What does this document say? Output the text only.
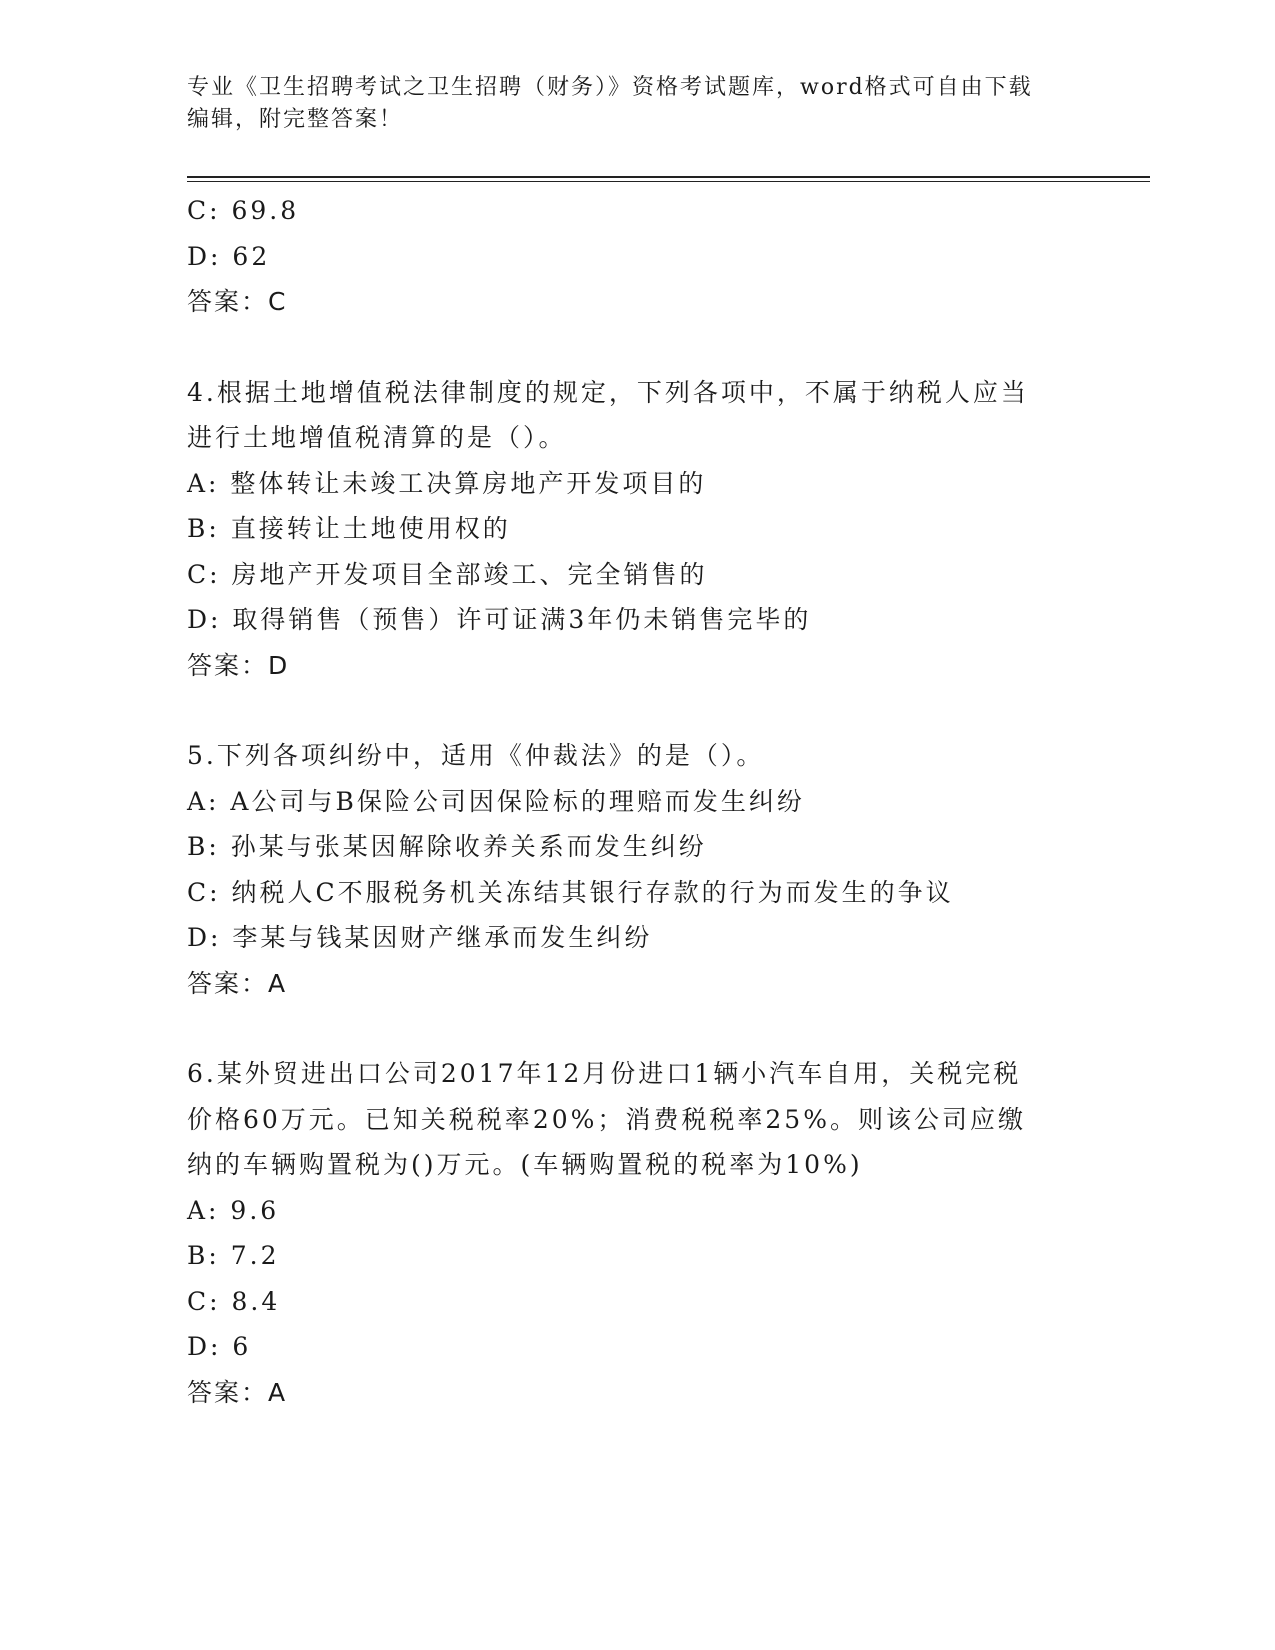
专业《卫生招聘考试之卫生招聘（财务）》资格考试题库，word格式可自由下载
编辑，附完整答案！
C: 69.8
D: 62
答案：C
4.根据土地增值税法律制度的规定，下列各项中，不属于纳税人应当
进行土地增值税清算的是（）。
A: 整体转让未竣工决算房地产开发项目的
B: 直接转让土地使用权的
C: 房地产开发项目全部竣工、完全销售的
D: 取得销售（预售）许可证满3年仍未销售完毕的
答案：D
5.下列各项纠纷中，适用《仲裁法》的是（）。
A: A公司与B保险公司因保险标的理赔而发生纠纷
B: 孙某与张某因解除收养关系而发生纠纷
C: 纳税人C不服税务机关冻结其银行存款的行为而发生的争议
D: 李某与钱某因财产继承而发生纠纷
答案：A
6.某外贸进出口公司2017年12月份进口1辆小汽车自用，关税完税
价格60万元。已知关税税率20%；消费税税率25%。则该公司应缴
纳的车辆购置税为()万元。(车辆购置税的税率为10%)
A: 9.6
B: 7.2
C: 8.4
D: 6
答案：A
